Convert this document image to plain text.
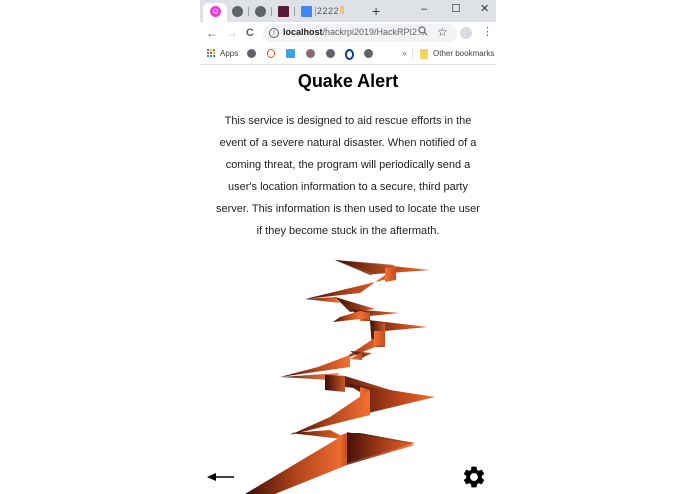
☺	2222	+	– ☐ ✕
← → C	i localhost/hackrpi2019/HackRPI2... ☆	⋮
Apps	»	Other bookmarks
Quake Alert
This service is designed to aid rescue efforts in the event of a severe natural disaster. When notified of a coming threat, the program will periodically send a user's location information to a secure, third party server. This information is then used to locate the user if they become stuck in the aftermath.
